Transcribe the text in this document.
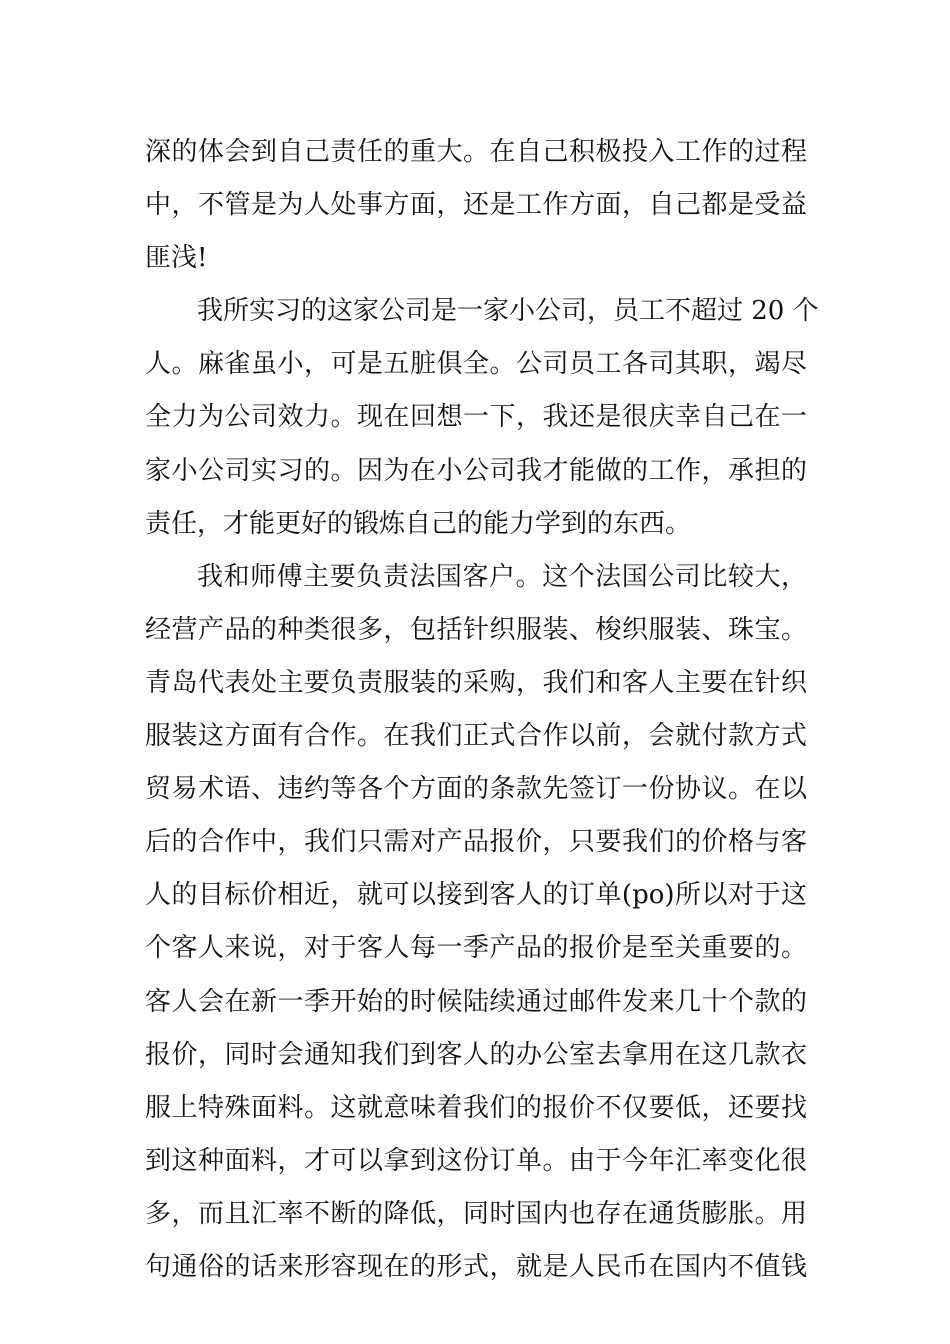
深的体会到自己责任的重大。在自己积极投入工作的过程
中，不管是为人处事方面，还是工作方面，自己都是受益
匪浅!
我所实习的这家公司是一家小公司，员工不超过 20 个
人。麻雀虽小，可是五脏俱全。公司员工各司其职，竭尽
全力为公司效力。现在回想一下，我还是很庆幸自己在一
家小公司实习的。因为在小公司我才能做的工作，承担的
责任，才能更好的锻炼自己的能力学到的东西。
我和师傅主要负责法国客户。这个法国公司比较大，
经营产品的种类很多，包括针织服装、梭织服装、珠宝。
青岛代表处主要负责服装的采购，我们和客人主要在针织
服装这方面有合作。在我们正式合作以前，会就付款方式
贸易术语、违约等各个方面的条款先签订一份协议。在以
后的合作中，我们只需对产品报价，只要我们的价格与客
人的目标价相近，就可以接到客人的订单(po)所以对于这
个客人来说，对于客人每一季产品的报价是至关重要的。
客人会在新一季开始的时候陆续通过邮件发来几十个款的
报价，同时会通知我们到客人的办公室去拿用在这几款衣
服上特殊面料。这就意味着我们的报价不仅要低，还要找
到这种面料，才可以拿到这份订单。由于今年汇率变化很
多，而且汇率不断的降低，同时国内也存在通货膨胀。用
句通俗的话来形容现在的形式，就是人民币在国内不值钱
